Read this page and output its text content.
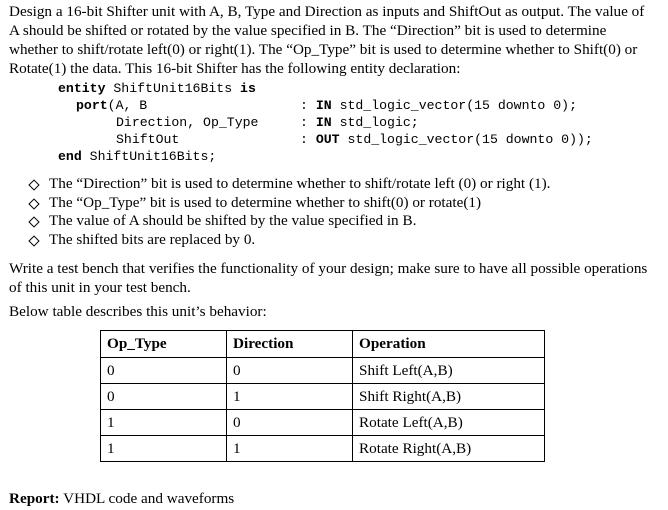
Design a 16-bit Shifter unit with A, B, Type and Direction as inputs and ShiftOut as output. The value of A should be shifted or rotated by the value specified in B. The “Direction” bit is used to determine whether to shift/rotate left(0) or right(1). The “Op_Type” bit is used to determine whether to Shift(0) or Rotate(1) the data. This 16-bit Shifter has the following entity declaration:

entity ShiftUnit16Bits is
port(A, B	: IN std_logic_vector(15 downto 0);
Direction, Op_Type	: IN std_logic;
ShiftOut	: OUT std_logic_vector(15 downto 0));
end ShiftUnit16Bits;
The “Direction” bit is used to determine whether to shift/rotate left (0) or right (1).
The “Op_Type” bit is used to determine whether to shift(0) or rotate(1)
The value of A should be shifted by the value specified in B.
The shifted bits are replaced by 0.

Write a test bench that verifies the functionality of your design; make sure to have all possible operations of this unit in your test bench.

Below table describes this unit’s behavior:

Op_Type	Direction	Operation
0	0	Shift Left(A,B)
0	1	Shift Right(A,B)
1	0	Rotate Left(A,B)
1	1	Rotate Right(A,B)
Report: VHDL code and waveforms
